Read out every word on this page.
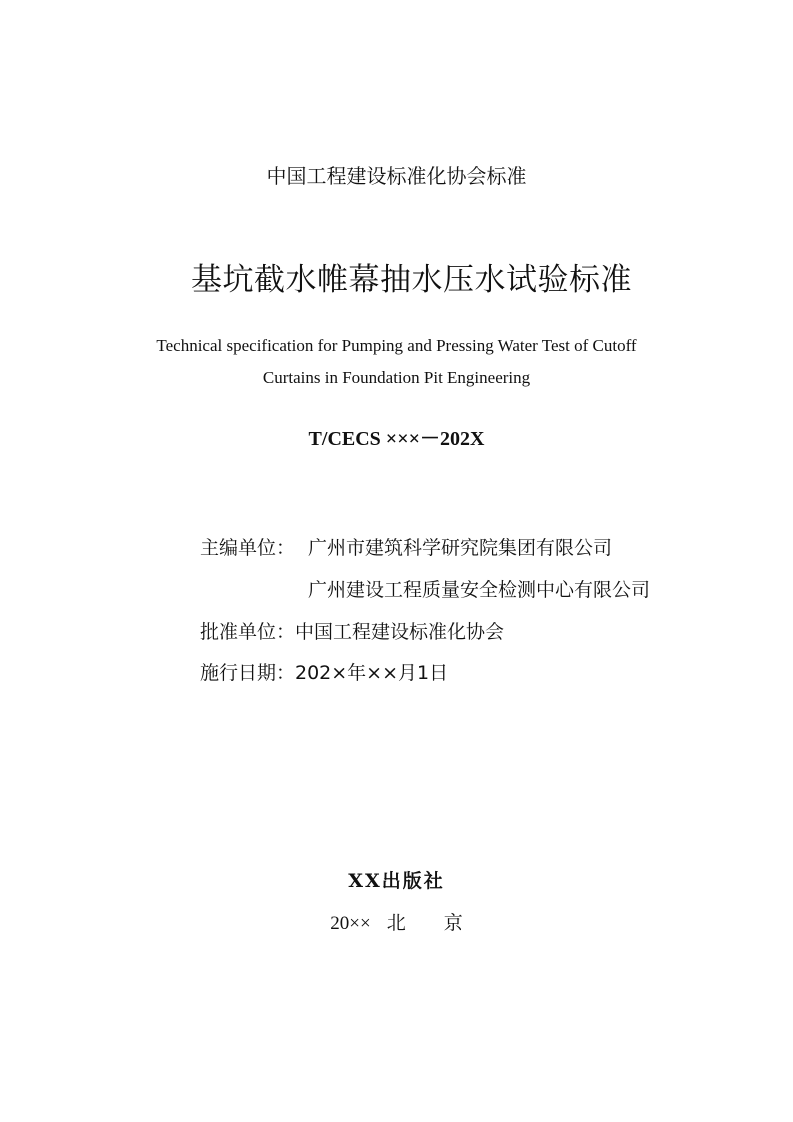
中国工程建设标准化协会标准
基坑截水帷幕抽水压水试验标准
Technical specification for Pumping and Pressing Water Test of Cutoff
Curtains in Foundation Pit Engineering
T/CECS ×××－202X
主编单位： 广州市建筑科学研究院集团有限公司
广州建设工程质量安全检测中心有限公司
批准单位：中国工程建设标准化协会
施行日期：202×年××月1日
XX出版社
20×× 北 京
